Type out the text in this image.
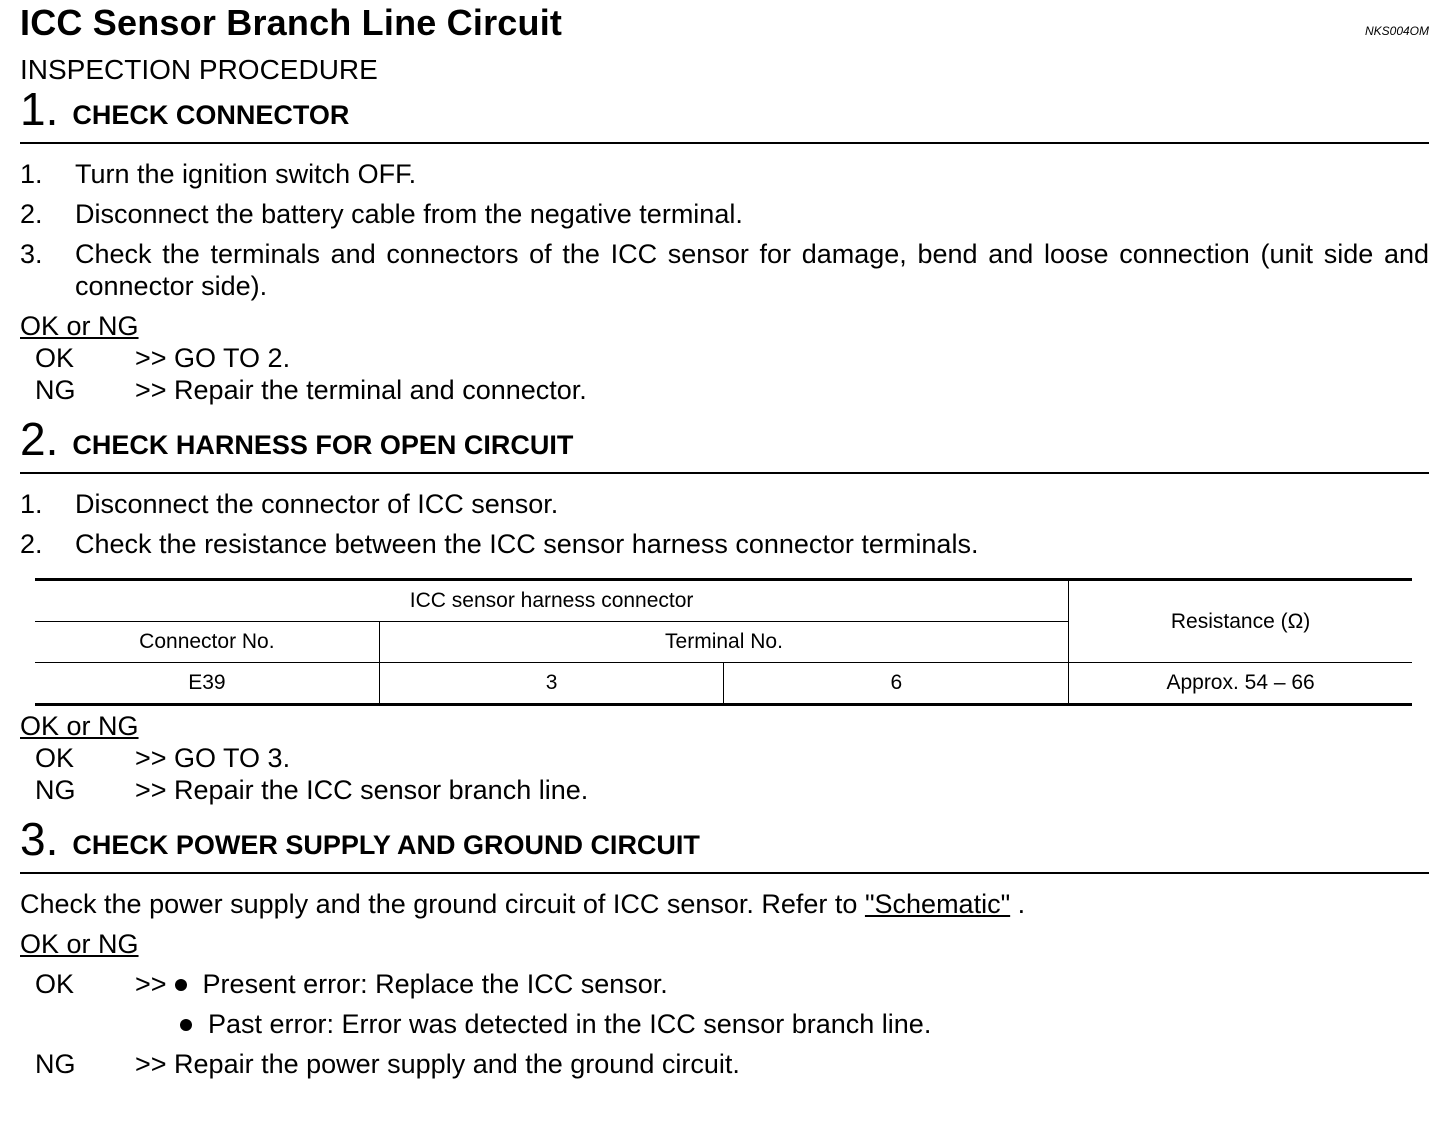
ICC Sensor Branch Line Circuit	NKS004OM
INSPECTION PROCEDURE
1. CHECK CONNECTOR
1.	Turn the ignition switch OFF.
2.	Disconnect the battery cable from the negative terminal.
3.	Check the terminals and connectors of the ICC sensor for damage, bend and loose connection (unit side and connector side).
OK or NG
OK	>> GO TO 2.
NG	>> Repair the terminal and connector.
2. CHECK HARNESS FOR OPEN CIRCUIT
1.	Disconnect the connector of ICC sensor.
2.	Check the resistance between the ICC sensor harness connector terminals.
ICC sensor harness connector			Resistance (Ω)
Connector No.	Terminal No.		
E39	3	6	Approx. 54 – 66
OK or NG
OK	>> GO TO 3.
NG	>> Repair the ICC sensor branch line.
3. CHECK POWER SUPPLY AND GROUND CIRCUIT
Check the power supply and the ground circuit of ICC sensor. Refer to "Schematic" .
OK or NG
OK	>> Present error: Replace the ICC sensor.
Past error: Error was detected in the ICC sensor branch line.
NG	>> Repair the power supply and the ground circuit.
